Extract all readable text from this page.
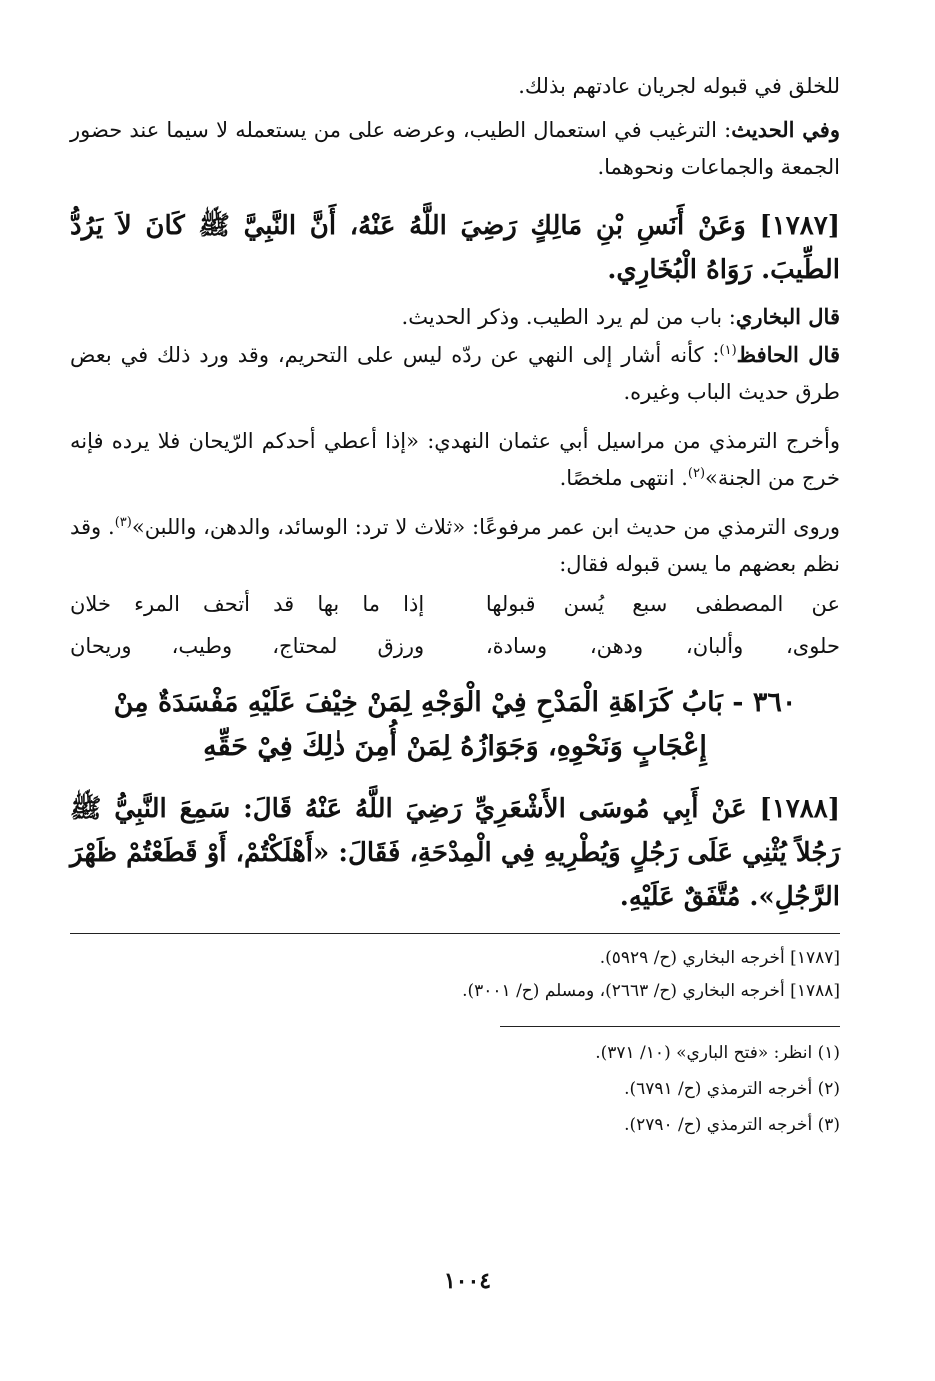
للخلق في قبوله لجريان عادتهم بذلك.

وفي الحديث: الترغيب في استعمال الطيب، وعرضه على من يستعمله لا سيما عند حضور الجمعة والجماعات ونحوهما.

[١٧٨٧] وَعَنْ أَنَسِ بْنِ مَالِكٍ رَضِيَ اللَّهُ عَنْهُ، أَنَّ النَّبِيَّ ﷺ كَانَ لاَ يَرُدُّ الطِّيبَ. رَوَاهُ الْبُخَارِي.

قال البخاري: باب من لم يرد الطيب. وذكر الحديث.

قال الحافظ$^{(١)}$: كأنه أشار إلى النهي عن ردّه ليس على التحريم، وقد ورد ذلك في بعض طرق حديث الباب وغيره.

وأخرج الترمذي من مراسيل أبي عثمان النهدي: «إذا أعطي أحدكم الرّيحان فلا يرده فإنه خرج من الجنة»$^{(٢)}$. انتهى ملخصًا.

وروى الترمذي من حديث ابن عمر مرفوعًا: «ثلاث لا ترد: الوسائد، والدهن، واللبن»$^{(٣)}$. وقد نظم بعضهم ما يسن قبوله فقال:

عن المصطفى سبع يُسن قبولها
إذا ما بها قد أتحف المرء خلان
حلوى، وألبان، ودهن، وسادة،
ورزق لمحتاج، وطيب، وريحان

٣٦٠ - بَابُ كَرَاهَةِ الْمَدْحِ فِيْ الْوَجْهِ لِمَنْ خِيْفَ عَلَيْهِ مَفْسَدَةٌ مِنْ إِعْجَابٍ وَنَحْوِهِ، وَجَوَازُهُ لِمَنْ أُمِنَ ذٰلِكَ فِيْ حَقِّهِ

[١٧٨٨] عَنْ أَبِي مُوسَى الأَشْعَرِيِّ رَضِيَ اللَّهُ عَنْهُ قَالَ: سَمِعَ النَّبِيُّ ﷺ رَجُلاً يُثْنِي عَلَى رَجُلٍ وَيُطْرِيهِ فِي الْمِدْحَةِ، فَقَالَ: «أَهْلَكْتُمْ، أَوْ قَطَعْتُمْ ظَهْرَ الرَّجُلِ». مُتَّفَقٌ عَلَيْهِ.

[١٧٨٧] أخرجه البخاري (ح/ ٥٩٢٩).

[١٧٨٨] أخرجه البخاري (ح/ ٢٦٦٣)، ومسلم (ح/ ٣٠٠١).

(١) انظر: «فتح الباري» (١٠/ ٣٧١).

(٢) أخرجه الترمذي (ح/ ٦٧٩١).

(٣) أخرجه الترمذي (ح/ ٢٧٩٠).

١٠٠٤
